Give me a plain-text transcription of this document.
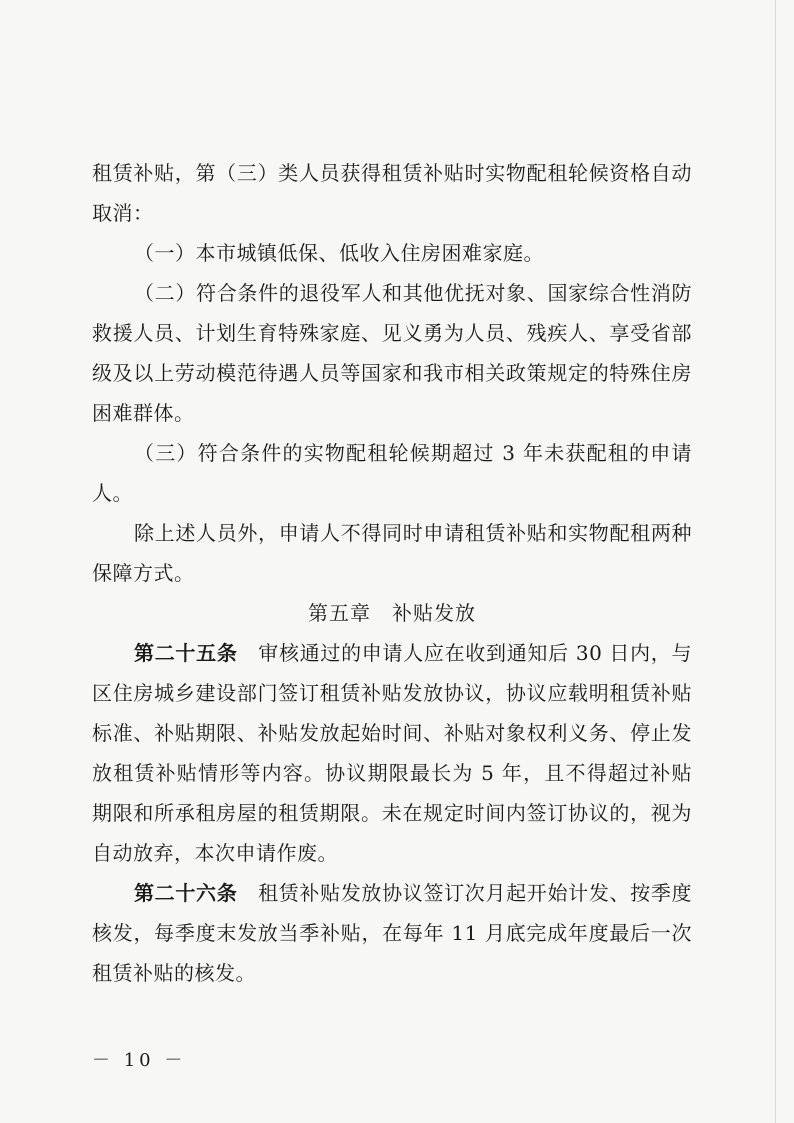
租赁补贴，第（三）类人员获得租赁补贴时实物配租轮候资格自动取消：

（一）本市城镇低保、低收入住房困难家庭。

（二）符合条件的退役军人和其他优抚对象、国家综合性消防救援人员、计划生育特殊家庭、见义勇为人员、残疾人、享受省部级及以上劳动模范待遇人员等国家和我市相关政策规定的特殊住房困难群体。

（三）符合条件的实物配租轮候期超过 3 年未获配租的申请人。

除上述人员外，申请人不得同时申请租赁补贴和实物配租两种保障方式。

第五章　补贴发放

第二十五条　 审核通过的申请人应在收到通知后 30 日内，与区住房城乡建设部门签订租赁补贴发放协议，协议应载明租赁补贴标准、补贴期限、补贴发放起始时间、补贴对象权利义务、停止发放租赁补贴情形等内容。协议期限最长为 5 年，且不得超过补贴期限和所承租房屋的租赁期限。未在规定时间内签订协议的，视为自动放弃，本次申请作废。

第二十六条　 租赁补贴发放协议签订次月起开始计发、按季度核发，每季度末发放当季补贴，在每年 11 月底完成年度最后一次租赁补贴的核发。

－ 10 －
